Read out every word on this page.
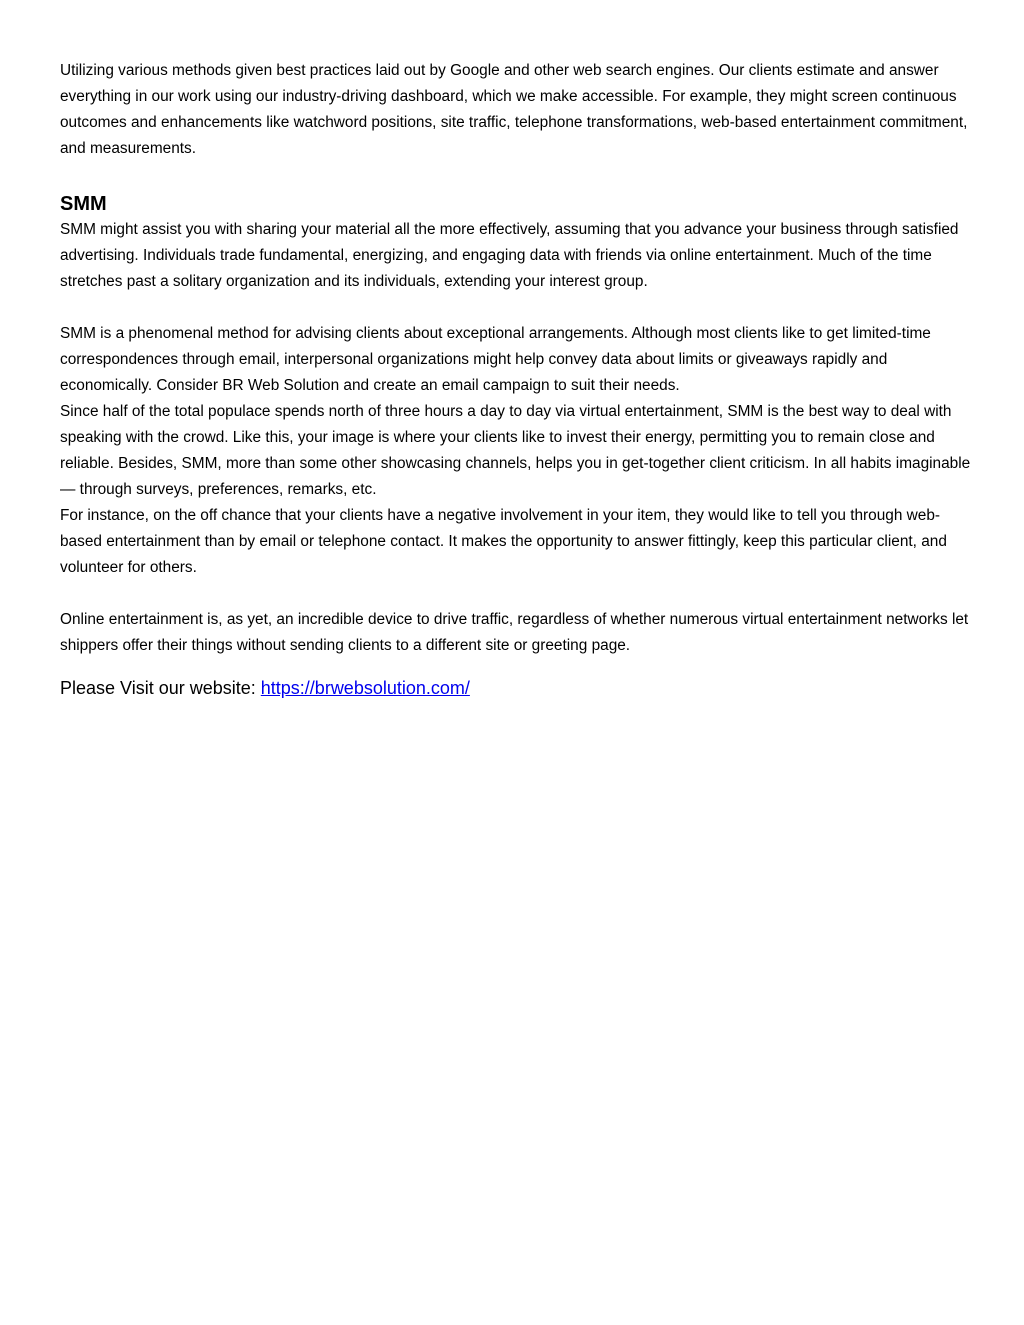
Utilizing various methods given best practices laid out by Google and other web search engines. Our clients estimate and answer everything in our work using our industry-driving dashboard, which we make accessible. For example, they might screen continuous outcomes and enhancements like watchword positions, site traffic, telephone transformations, web-based entertainment commitment, and measurements.

SMM

SMM might assist you with sharing your material all the more effectively, assuming that you advance your business through satisfied advertising. Individuals trade fundamental, energizing, and engaging data with friends via online entertainment. Much of the time stretches past a solitary organization and its individuals, extending your interest group.

SMM is a phenomenal method for advising clients about exceptional arrangements. Although most clients like to get limited-time correspondences through email, interpersonal organizations might help convey data about limits or giveaways rapidly and economically. Consider BR Web Solution and create an email campaign to suit their needs.

Since half of the total populace spends north of three hours a day to day via virtual entertainment, SMM is the best way to deal with speaking with the crowd. Like this, your image is where your clients like to invest their energy, permitting you to remain close and reliable. Besides, SMM, more than some other showcasing channels, helps you in get-together client criticism. In all habits imaginable — through surveys, preferences, remarks, etc.

For instance, on the off chance that your clients have a negative involvement in your item, they would like to tell you through web-based entertainment than by email or telephone contact. It makes the opportunity to answer fittingly, keep this particular client, and volunteer for others.

Online entertainment is, as yet, an incredible device to drive traffic, regardless of whether numerous virtual entertainment networks let shippers offer their things without sending clients to a different site or greeting page.

Please Visit our website: https://brwebsolution.com/
